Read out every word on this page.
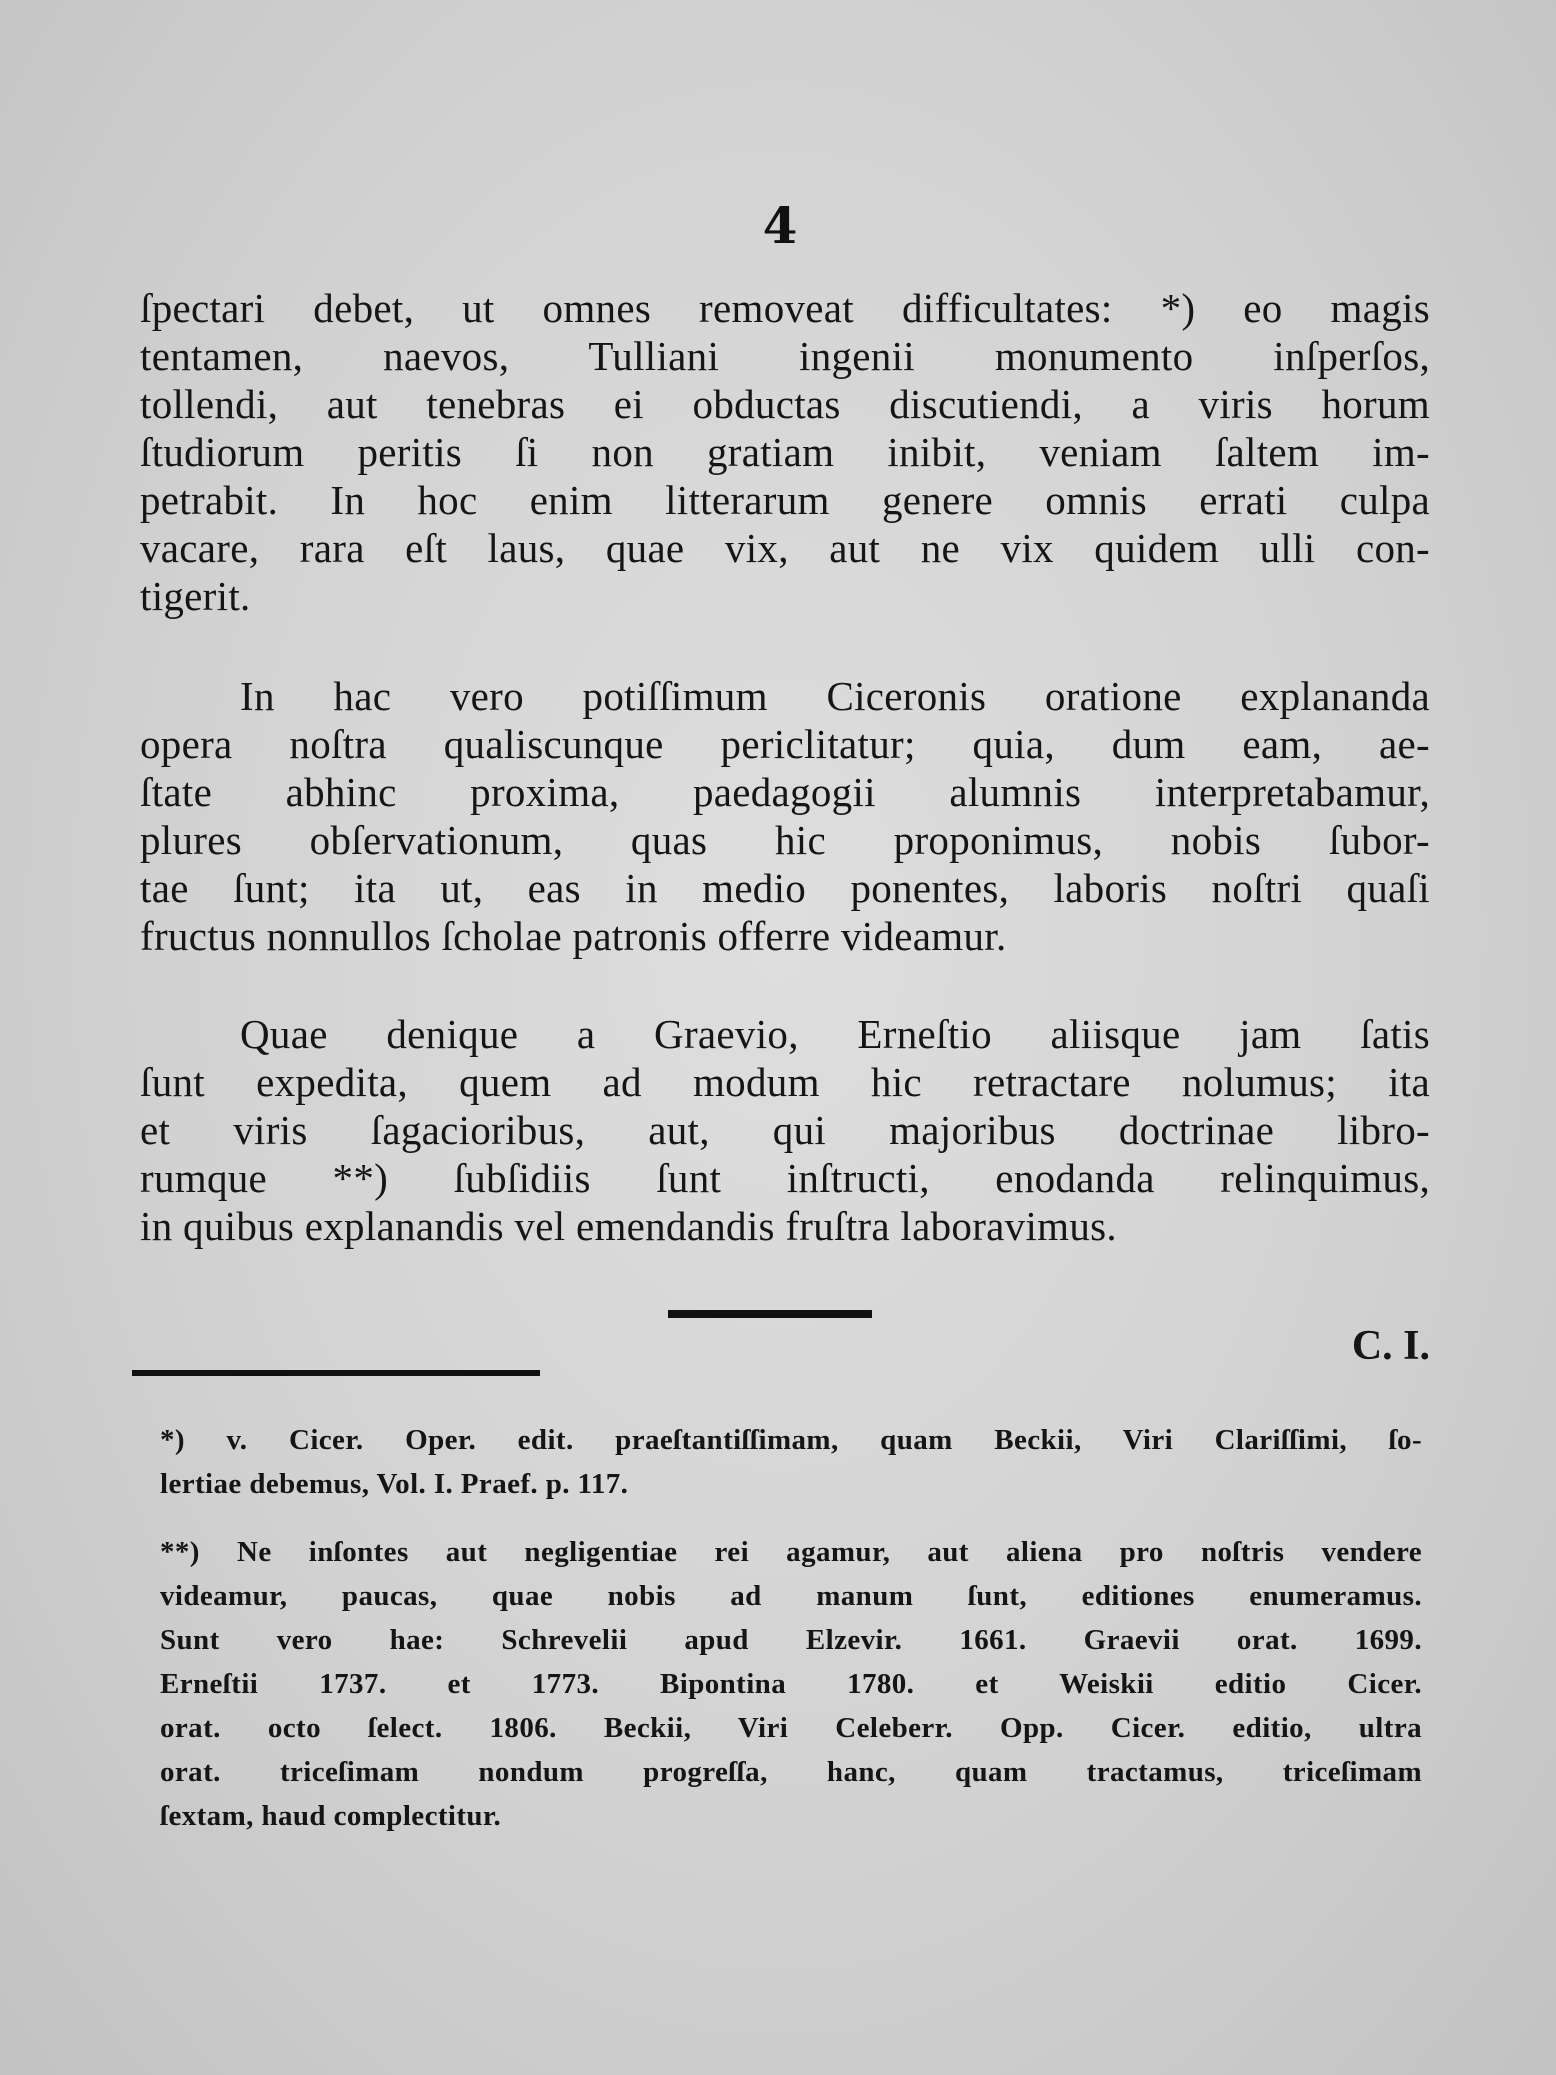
4
ſpectari debet, ut omnes removeat difficultates: *) eo magis
tentamen, naevos, Tulliani ingenii monumento inſperſos,
tollendi, aut tenebras ei obductas discutiendi, a viris horum
ſtudiorum peritis ſi non gratiam inibit, veniam ſaltem im-
petrabit. In hoc enim litterarum genere omnis errati culpa
vacare, rara eſt laus, quae vix, aut ne vix quidem ulli con-
tigerit.
In hac vero potiſſimum Ciceronis oratione explananda
opera noſtra qualiscunque periclitatur; quia, dum eam, ae-
ſtate abhinc proxima, paedagogii alumnis interpretabamur,
plures obſervationum, quas hic proponimus, nobis ſubor-
tae ſunt; ita ut, eas in medio ponentes, laboris noſtri quaſi
fructus nonnullos ſcholae patronis offerre videamur.
Quae denique a Graevio, Erneſtio aliisque jam ſatis
ſunt expedita, quem ad modum hic retractare nolumus; ita
et viris ſagacioribus, aut, qui majoribus doctrinae libro-
rumque **) ſubſidiis ſunt inſtructi, enodanda relinquimus,
in quibus explanandis vel emendandis fruſtra laboravimus.
C. I.
*) v. Cicer. Oper. edit. praeſtantiſſimam, quam Beckii, Viri Clariſſimi, ſo-
lertiae debemus, Vol. I. Praef. p. 117.
**) Ne inſontes aut negligentiae rei agamur, aut aliena pro noſtris vendere
videamur, paucas, quae nobis ad manum ſunt, editiones enumeramus.
Sunt vero hae: Schrevelii apud Elzevir. 1661. Graevii orat. 1699.
Erneſtii 1737. et 1773. Bipontina 1780. et Weiskii editio Cicer.
orat. octo ſelect. 1806. Beckii, Viri Celeberr. Opp. Cicer. editio, ultra
orat. triceſimam nondum progreſſa, hanc, quam tractamus, triceſimam
ſextam, haud complectitur.
